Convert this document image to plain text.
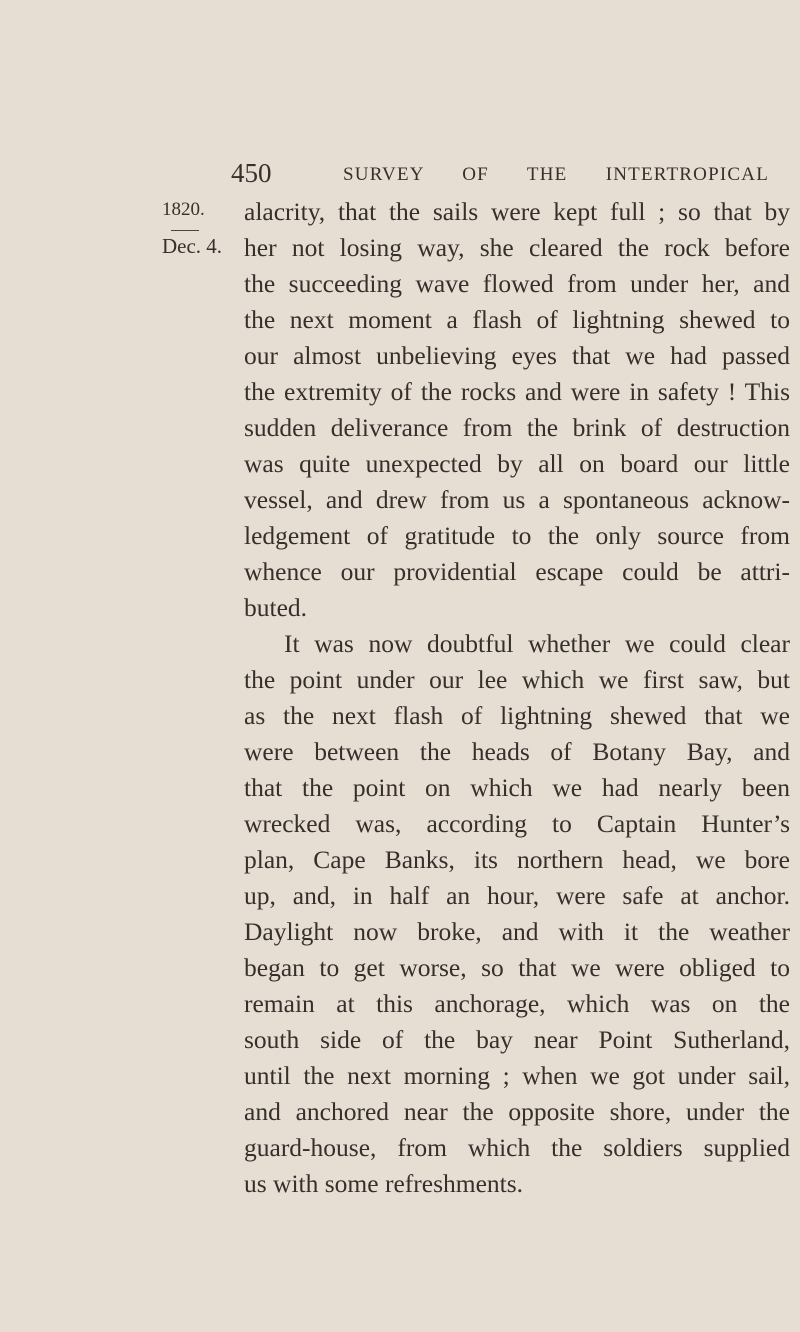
450	SURVEY OF THE INTERTROPICAL
1820.
Dec. 4.
alacrity, that the sails were kept full ; so that by
her not losing way, she cleared the rock before
the succeeding wave flowed from under her, and
the next moment a flash of lightning shewed to
our almost unbelieving eyes that we had passed
the extremity of the rocks and were in safety ! This
sudden deliverance from the brink of destruction
was quite unexpected by all on board our little
vessel, and drew from us a spontaneous acknow-
ledgement of gratitude to the only source from
whence our providential escape could be attri-
buted.
It was now doubtful whether we could clear
the point under our lee which we first saw, but
as the next flash of lightning shewed that we
were between the heads of Botany Bay, and
that the point on which we had nearly been
wrecked was, according to Captain Hunter’s
plan, Cape Banks, its northern head, we bore
up, and, in half an hour, were safe at anchor.
Daylight now broke, and with it the weather
began to get worse, so that we were obliged to
remain at this anchorage, which was on the
south side of the bay near Point Sutherland,
until the next morning ; when we got under sail,
and anchored near the opposite shore, under the
guard-house, from which the soldiers supplied
us with some refreshments.
